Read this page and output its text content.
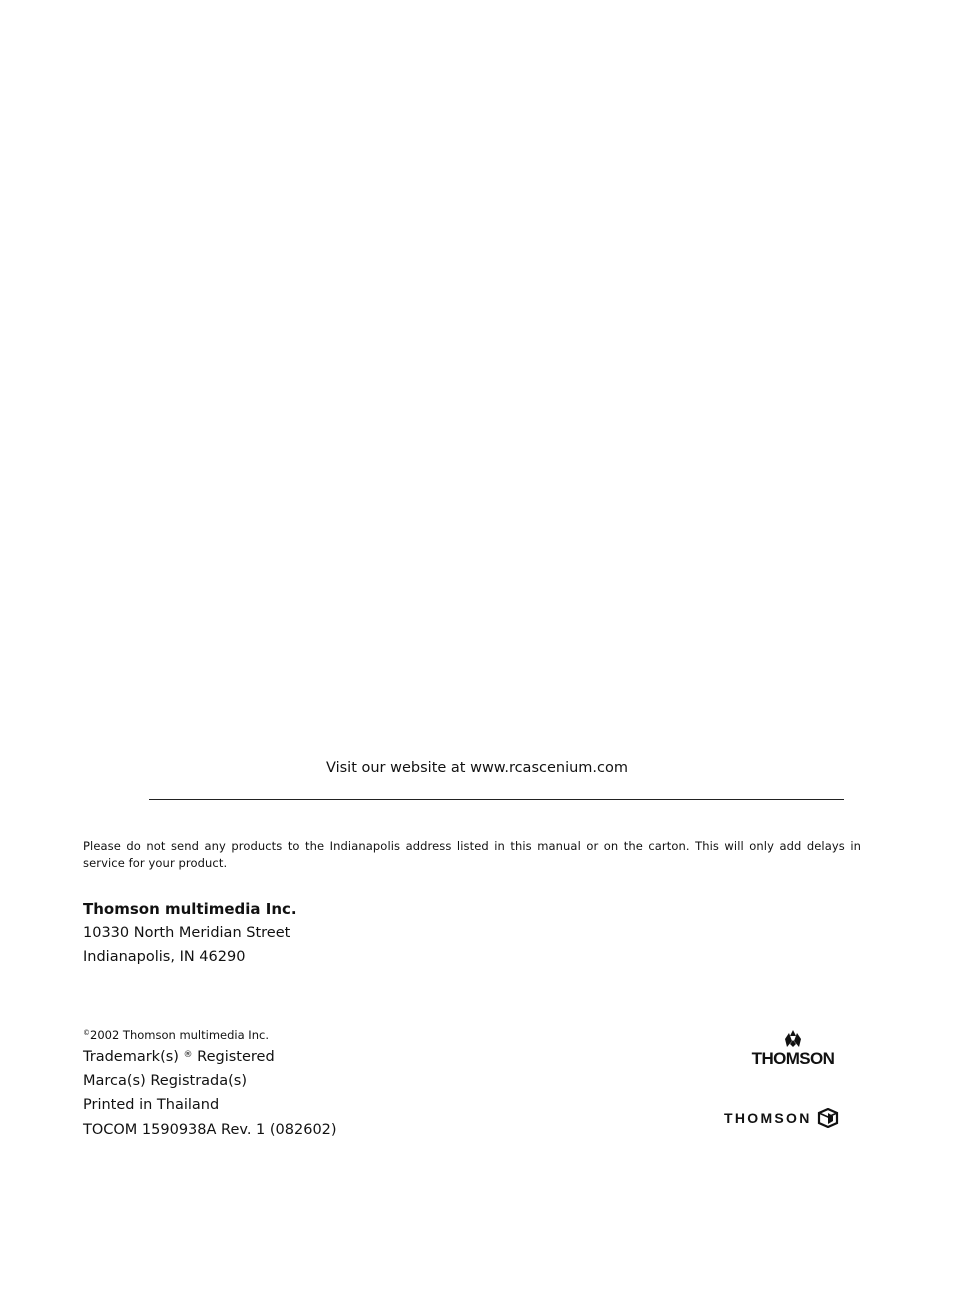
Visit our website at www.rcascenium.com
Please do not send any products to the Indianapolis address listed in this manual or on the carton. This will only add delays in service for your product.
Thomson multimedia Inc.
10330 North Meridian Street
Indianapolis, IN 46290
©2002 Thomson multimedia Inc.
Trademark(s) ® Registered
Marca(s) Registrada(s)
Printed in Thailand
TOCOM 1590938A Rev. 1 (082602)
THOMSON
THOMSON
